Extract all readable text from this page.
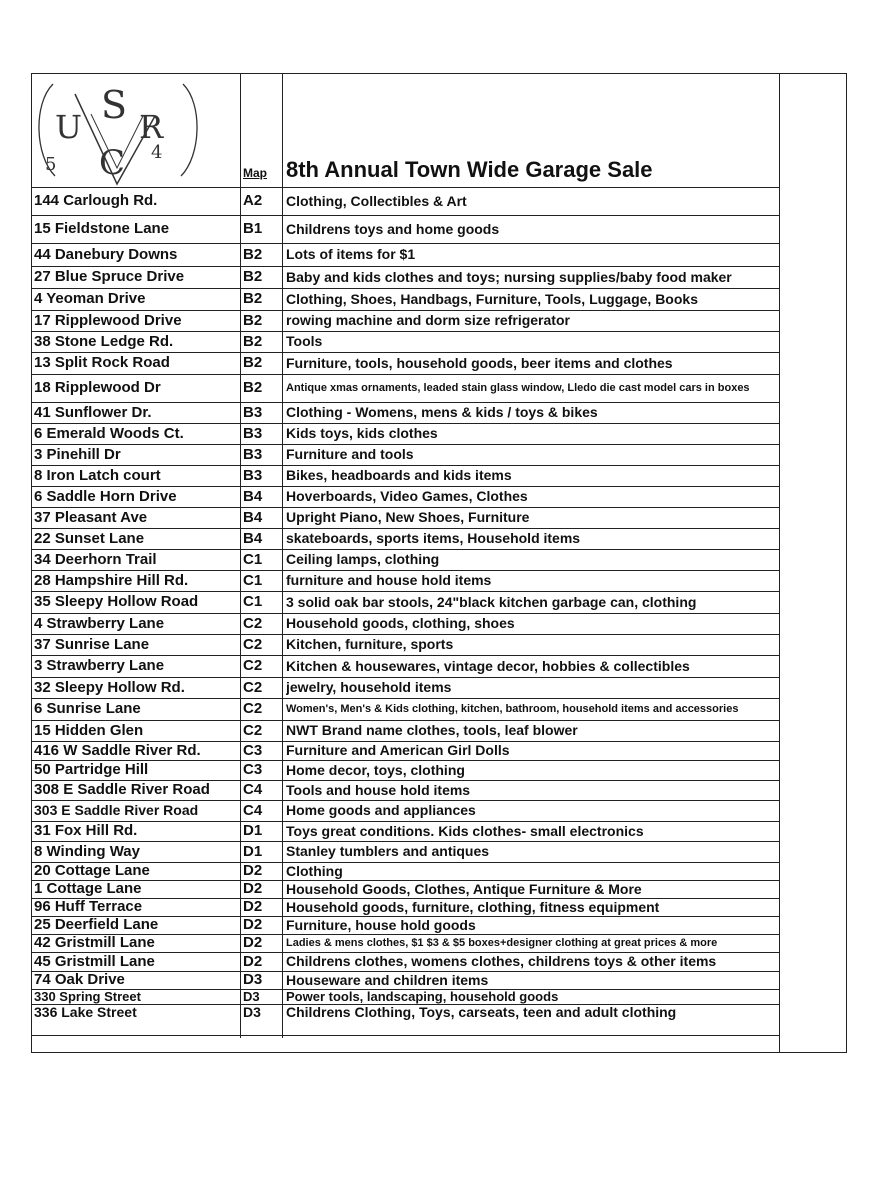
U S R
5
4
C	Map 8th Annual Town Wide Garage Sale
144 Carlough Rd.	A2	Clothing, Collectibles & Art
15 Fieldstone Lane	B1	Childrens toys and home goods
44 Danebury Downs	B2	Lots of items for $1
27 Blue Spruce Drive	B2	Baby and kids clothes and toys; nursing supplies/baby food maker
4 Yeoman Drive	B2	Clothing, Shoes, Handbags, Furniture, Tools, Luggage, Books
17 Ripplewood Drive	B2	rowing machine and dorm size refrigerator
38 Stone Ledge Rd.	B2	Tools
13 Split Rock Road	B2	Furniture, tools, household goods, beer items and clothes
18 Ripplewood Dr	B2	Antique xmas ornaments, leaded stain glass window, Lledo die cast model cars in boxes
41 Sunflower Dr.	B3	Clothing - Womens, mens & kids / toys & bikes
6 Emerald Woods Ct.	B3	Kids toys, kids clothes
3 Pinehill Dr	B3	Furniture and tools
8 Iron Latch court	B3	Bikes, headboards and kids items
6 Saddle Horn Drive	B4	Hoverboards, Video Games, Clothes
37 Pleasant Ave	B4	Upright Piano, New Shoes, Furniture
22 Sunset Lane	B4	skateboards, sports items, Household items
34 Deerhorn Trail	C1	Ceiling lamps, clothing
28 Hampshire Hill Rd.	C1	furniture and house hold items
35 Sleepy Hollow Road	C1	3 solid oak bar stools, 24"black kitchen garbage can, clothing
4 Strawberry Lane	C2	Household goods, clothing, shoes
37 Sunrise Lane	C2	Kitchen, furniture, sports
3 Strawberry Lane	C2	Kitchen & housewares, vintage decor, hobbies & collectibles
32 Sleepy Hollow Rd.	C2	jewelry, household items
6 Sunrise Lane	C2	Women's, Men's & Kids clothing, kitchen, bathroom, household items and accessories
15 Hidden Glen	C2	NWT Brand name clothes, tools, leaf blower
416 W Saddle River Rd.	C3	Furniture and American Girl Dolls
50 Partridge Hill	C3	Home decor, toys, clothing
308 E Saddle River Road	C4	Tools and house hold items
303 E Saddle River Road	C4	Home goods and appliances
31 Fox Hill Rd.	D1	Toys great conditions. Kids clothes- small electronics
8 Winding Way	D1	Stanley tumblers and antiques
20 Cottage Lane	D2	Clothing
1 Cottage Lane	D2	Household Goods, Clothes, Antique Furniture & More
96 Huff Terrace	D2	Household goods, furniture, clothing, fitness equipment
25 Deerfield Lane	D2	Furniture, house hold goods
42 Gristmill Lane	D2	Ladies & mens clothes, $1 $3 & $5 boxes+designer clothing at great prices & more
45 Gristmill Lane	D2	Childrens clothes, womens clothes, childrens toys & other items
74 Oak Drive	D3	Houseware and children items
330 Spring Street	D3	Power tools, landscaping, household goods
336 Lake Street	D3	Childrens Clothing, Toys, carseats, teen and adult clothing
